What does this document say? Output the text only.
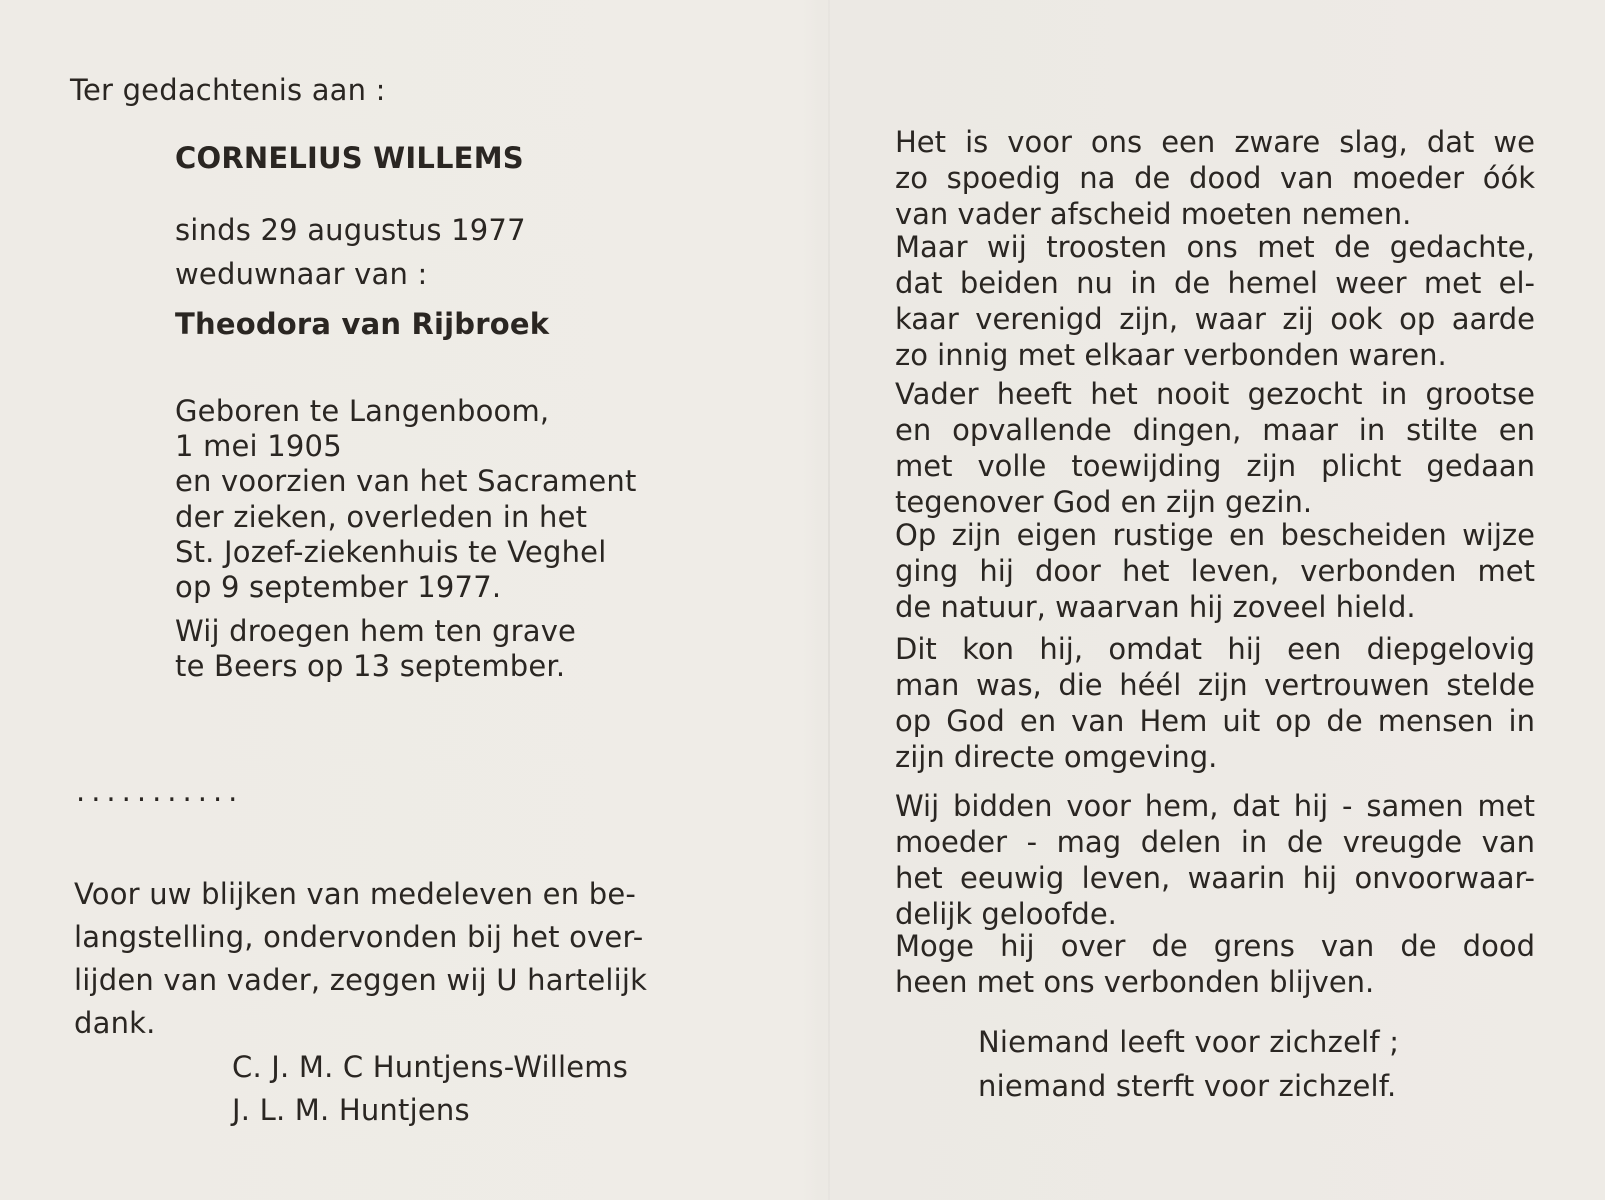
Ter gedachtenis aan :
CORNELIUS WILLEMS
sinds 29 augustus 1977
weduwnaar van :
Theodora van Rijbroek
Geboren te Langenboom,
1 mei 1905
en voorzien van het Sacrament
der zieken, overleden in het
St. Jozef-ziekenhuis te Veghel
op 9 september 1977.
Wij droegen hem ten grave
te Beers op 13 september.
...........
Voor uw blijken van medeleven en be-
langstelling, ondervonden bij het over-
lijden van vader, zeggen wij U hartelijk
dank.
C. J. M. C Huntjens-Willems
J. L. M. Huntjens
Het is voor ons een zware slag, dat we
zo spoedig na de dood van moeder óók
van vader afscheid moeten nemen.
Maar wij troosten ons met de gedachte,
dat beiden nu in de hemel weer met el-
kaar verenigd zijn, waar zij ook op aarde
zo innig met elkaar verbonden waren.
Vader heeft het nooit gezocht in grootse
en opvallende dingen, maar in stilte en
met volle toewijding zijn plicht gedaan
tegenover God en zijn gezin.
Op zijn eigen rustige en bescheiden wijze
ging hij door het leven, verbonden met
de natuur, waarvan hij zoveel hield.
Dit kon hij, omdat hij een diepgelovig
man was, die héél zijn vertrouwen stelde
op God en van Hem uit op de mensen in
zijn directe omgeving.
Wij bidden voor hem, dat hij - samen met
moeder - mag delen in de vreugde van
het eeuwig leven, waarin hij onvoorwaar-
delijk geloofde.
Moge hij over de grens van de dood
heen met ons verbonden blijven.
Niemand leeft voor zichzelf ;
niemand sterft voor zichzelf.
